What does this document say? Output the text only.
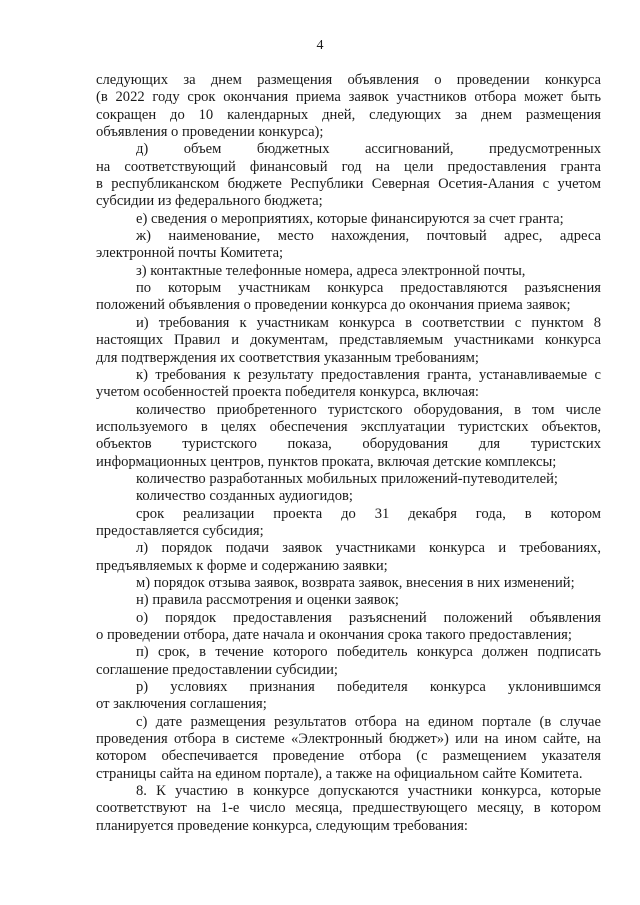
4
следующих за днем размещения объявления о проведении конкурса
(в 2022 году срок окончания приема заявок участников отбора может быть
сокращен до 10 календарных дней, следующих за днем размещения
объявления о проведении конкурса);
д) объем бюджетных ассигнований, предусмотренных
на соответствующий финансовый год на цели предоставления гранта
в республиканском бюджете Республики Северная Осетия-Алания с учетом
субсидии из федерального бюджета;
е) сведения о мероприятиях, которые финансируются за счет гранта;
ж) наименование, место нахождения, почтовый адрес, адреса
электронной почты Комитета;
з) контактные телефонные номера, адреса электронной почты,
по которым участникам конкурса предоставляются разъяснения
положений объявления о проведении конкурса до окончания приема заявок;
и) требования к участникам конкурса в соответствии с пунктом 8
настоящих Правил и документам, представляемым участниками конкурса
для подтверждения их соответствия указанным требованиям;
к) требования к результату предоставления гранта, устанавливаемые с
учетом особенностей проекта победителя конкурса, включая:
количество приобретенного туристского оборудования, в том числе
используемого в целях обеспечения эксплуатации туристских объектов,
объектов туристского показа, оборудования для туристских
информационных центров, пунктов проката, включая детские комплексы;
количество разработанных мобильных приложений-путеводителей;
количество созданных аудиогидов;
срок реализации проекта до 31 декабря года, в котором
предоставляется субсидия;
л) порядок подачи заявок участниками конкурса и требованиях,
предъявляемых к форме и содержанию заявки;
м) порядок отзыва заявок, возврата заявок, внесения в них изменений;
н) правила рассмотрения и оценки заявок;
о) порядок предоставления разъяснений положений объявления
о проведении отбора, дате начала и окончания срока такого предоставления;
п) срок, в течение которого победитель конкурса должен подписать
соглашение предоставлении субсидии;
р) условиях признания победителя конкурса уклонившимся
от заключения соглашения;
с) дате размещения результатов отбора на едином портале (в случае
проведения отбора в системе «Электронный бюджет») или на ином сайте, на
котором обеспечивается проведение отбора (с размещением указателя
страницы сайта на едином портале), а также на официальном сайте Комитета.
8. К участию в конкурсе допускаются участники конкурса, которые
соответствуют на 1-е число месяца, предшествующего месяцу, в котором
планируется проведение конкурса, следующим требования:
